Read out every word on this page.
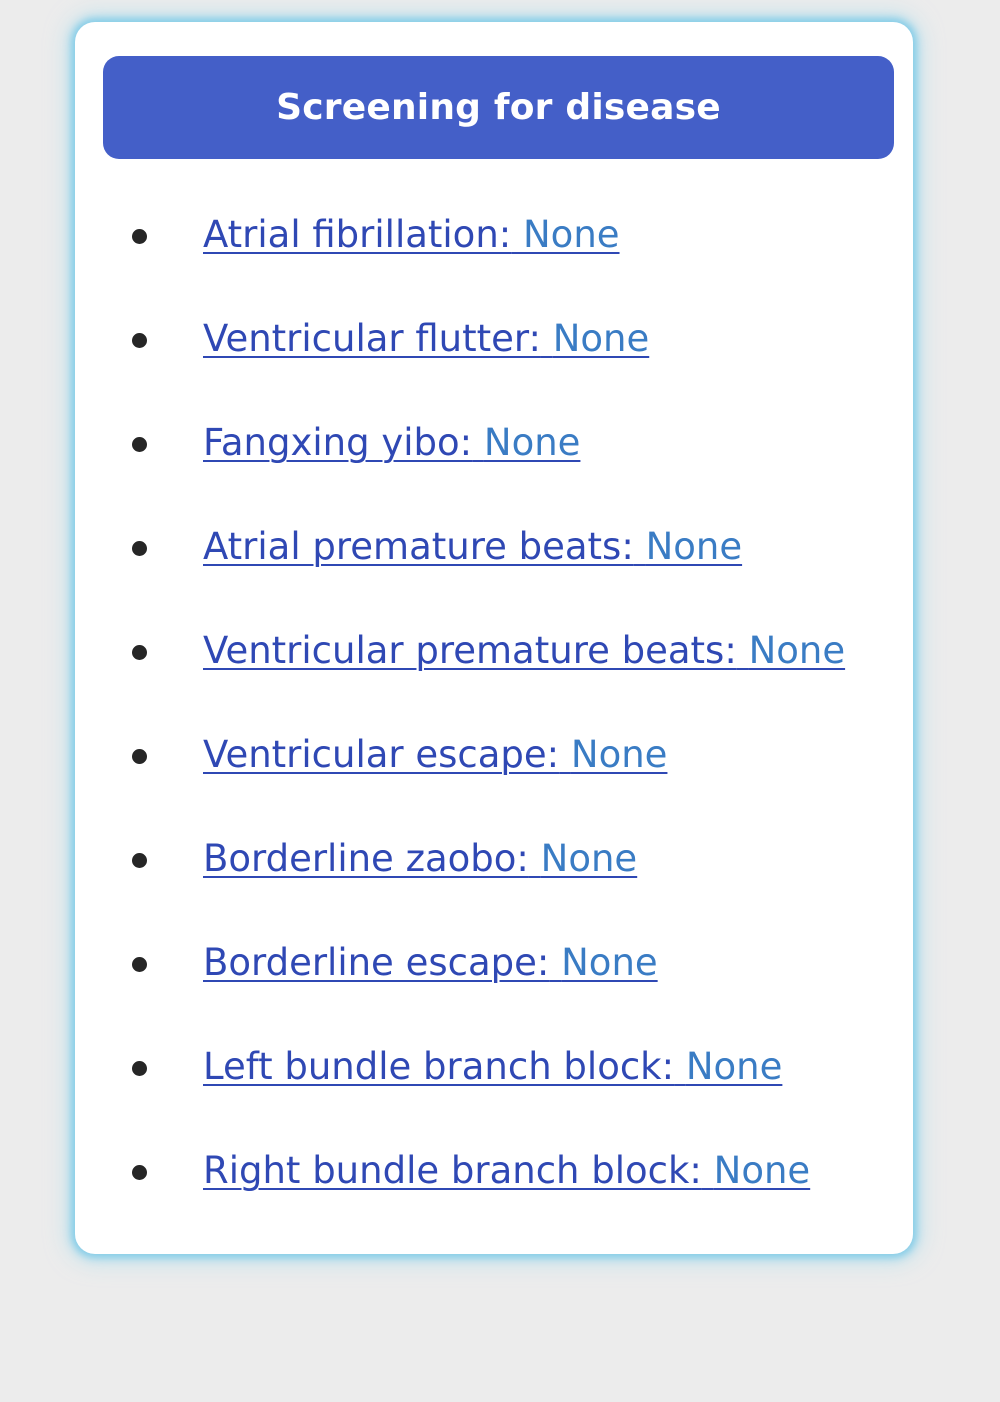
Screening for disease
Atrial fibrillation: None
Ventricular flutter: None
Fangxing yibo: None
Atrial premature beats: None
Ventricular premature beats: None
Ventricular escape: None
Borderline zaobo: None
Borderline escape: None
Left bundle branch block: None
Right bundle branch block: None
